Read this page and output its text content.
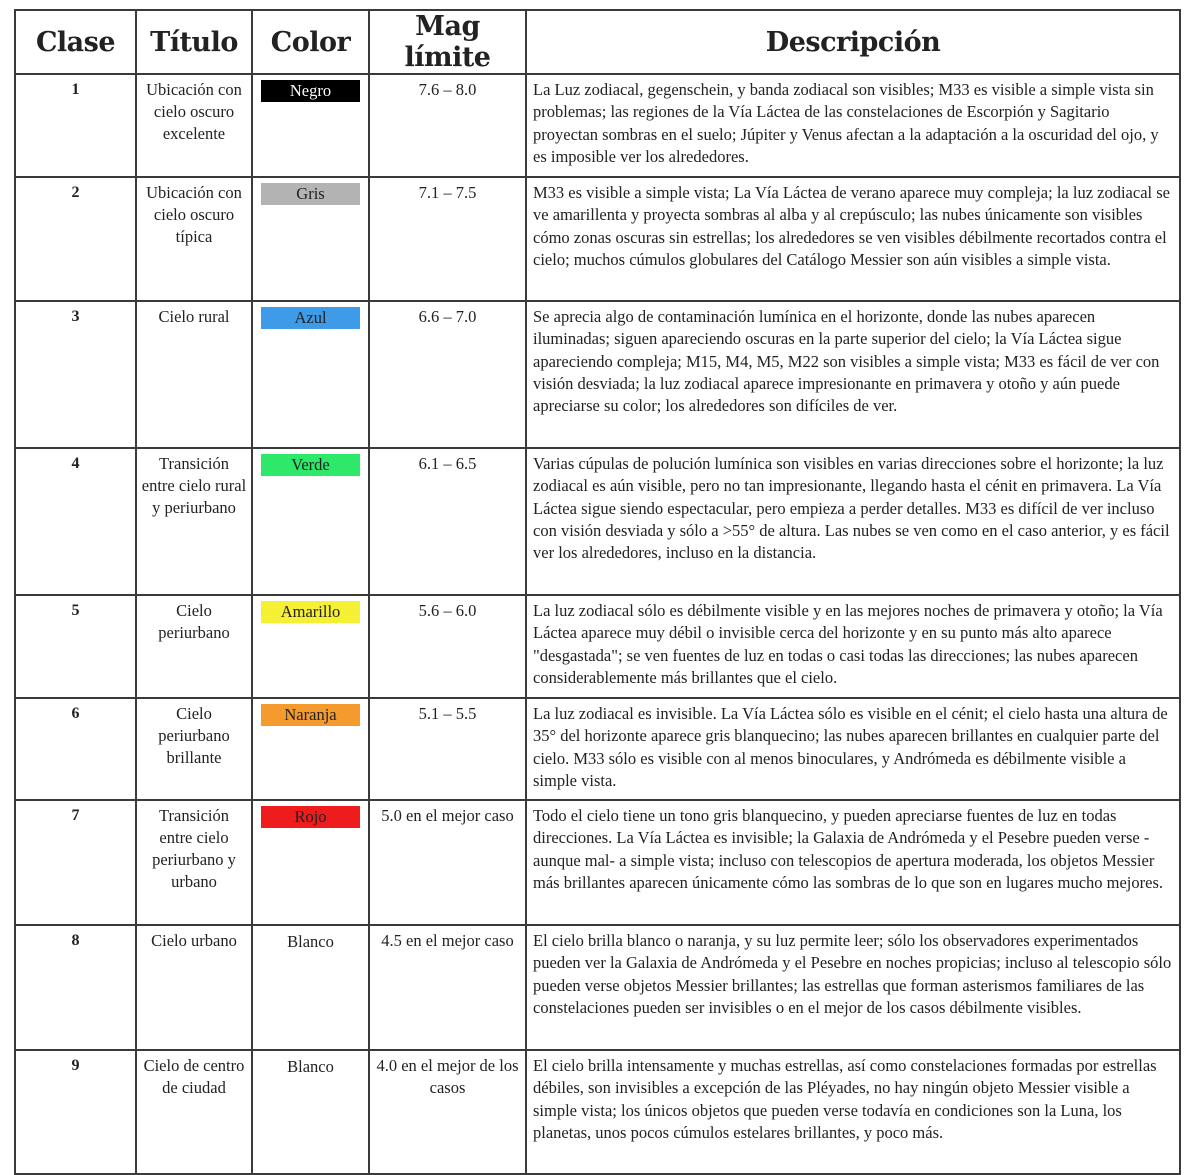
Clase	Título	Color	Mag límite	Descripción
1	Ubicación con cielo oscuro excelente	Negro	7.6 – 8.0	La Luz zodiacal, gegenschein, y banda zodiacal son visibles; M33 es visible a simple vista sin problemas; las regiones de la Vía Láctea de las constelaciones de Escorpión y Sagitario proyectan sombras en el suelo; Júpiter y Venus afectan a la adaptación a la oscuridad del ojo, y es imposible ver los alrededores.
2	Ubicación con cielo oscuro típica	Gris	7.1 – 7.5	M33 es visible a simple vista; La Vía Láctea de verano aparece muy compleja; la luz zodiacal se ve amarillenta y proyecta sombras al alba y al crepúsculo; las nubes únicamente son visibles cómo zonas oscuras sin estrellas; los alrededores se ven visibles débilmente recortados contra el cielo; muchos cúmulos globulares del Catálogo Messier son aún visibles a simple vista.
3	Cielo rural	Azul	6.6 – 7.0	Se aprecia algo de contaminación lumínica en el horizonte, donde las nubes aparecen iluminadas; siguen apareciendo oscuras en la parte superior del cielo; la Vía Láctea sigue apareciendo compleja; M15, M4, M5, M22 son visibles a simple vista; M33 es fácil de ver con visión desviada; la luz zodiacal aparece impresionante en primavera y otoño y aún puede apreciarse su color; los alrededores son difíciles de ver.
4	Transición entre cielo rural y periurbano	Verde	6.1 – 6.5	Varias cúpulas de polución lumínica son visibles en varias direcciones sobre el horizonte; la luz zodiacal es aún visible, pero no tan impresionante, llegando hasta el cénit en primavera. La Vía Láctea sigue siendo espectacular, pero empieza a perder detalles. M33 es difícil de ver incluso con visión desviada y sólo a >55° de altura. Las nubes se ven como en el caso anterior, y es fácil ver los alrededores, incluso en la distancia.
5	Cielo periurbano	Amarillo	5.6 – 6.0	La luz zodiacal sólo es débilmente visible y en las mejores noches de primavera y otoño; la Vía Láctea aparece muy débil o invisible cerca del horizonte y en su punto más alto aparece "desgastada"; se ven fuentes de luz en todas o casi todas las direcciones; las nubes aparecen considerablemente más brillantes que el cielo.
6	Cielo periurbano brillante	Naranja	5.1 – 5.5	La luz zodiacal es invisible. La Vía Láctea sólo es visible en el cénit; el cielo hasta una altura de 35° del horizonte aparece gris blanquecino; las nubes aparecen brillantes en cualquier parte del cielo. M33 sólo es visible con al menos binoculares, y Andrómeda es débilmente visible a simple vista.
7	Transición entre cielo periurbano y urbano	Rojo	5.0 en el mejor caso	Todo el cielo tiene un tono gris blanquecino, y pueden apreciarse fuentes de luz en todas direcciones. La Vía Láctea es invisible; la Galaxia de Andrómeda y el Pesebre pueden verse -aunque mal- a simple vista; incluso con telescopios de apertura moderada, los objetos Messier más brillantes aparecen únicamente cómo las sombras de lo que son en lugares mucho mejores.
8	Cielo urbano	Blanco	4.5 en el mejor caso	El cielo brilla blanco o naranja, y su luz permite leer; sólo los observadores experimentados pueden ver la Galaxia de Andrómeda y el Pesebre en noches propicias; incluso al telescopio sólo pueden verse objetos Messier brillantes; las estrellas que forman asterismos familiares de las constelaciones pueden ser invisibles o en el mejor de los casos débilmente visibles.
9	Cielo de centro de ciudad	Blanco	4.0 en el mejor de los casos	El cielo brilla intensamente y muchas estrellas, así como constelaciones formadas por estrellas débiles, son invisibles a excepción de las Pléyades, no hay ningún objeto Messier visible a simple vista; los únicos objetos que pueden verse todavía en condiciones son la Luna, los planetas, unos pocos cúmulos estelares brillantes, y poco más.
